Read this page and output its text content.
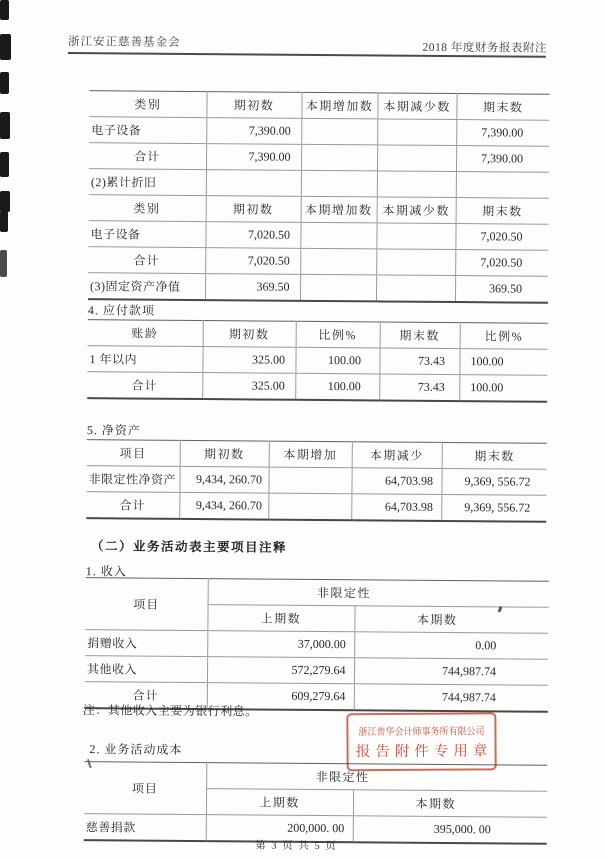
浙江安正慈善基金会	2018 年度财务报表附注
类别	期初数	本期增加数	本期减少数	期末数
电子设备	7,390.00			7,390.00
合计	7,390.00			7,390.00
(2)累计折旧				
类别	期初数	本期增加数	本期减少数	期末数
电子设备	7,020.50			7,020.50
合计	7,020.50			7,020.50
(3)固定资产净值	369.50			369.50
4. 应付款项
账龄	期初数	比例%	期末数	比例%
1 年以内	325.00	100.00	73.43	100.00
合计	325.00	100.00	73.43	100.00
5. 净资产
项目	期初数	本期增加	本期减少	期末数
非限定性净资产	9,434, 260.70		64,703.98	9,369, 556.72
合计	9,434, 260.70		64,703.98	9,369, 556.72
（二）业务活动表主要项目注释
1. 收入
项目	非限定性	
	上期数	本期数
捐赠收入	37,000.00	0.00
其他收入	572,279.64	744,987.74
合计	609,279.64	744,987.74
注：其他收入主要为银行利息。
2. 业务活动成本
项目	非限定性	
	上期数	本期数
慈善捐款	200,000. 00	395,000. 00
浙江普华会计师事务所有限公司
报告附件专用章
第 3 页 共 5 页
